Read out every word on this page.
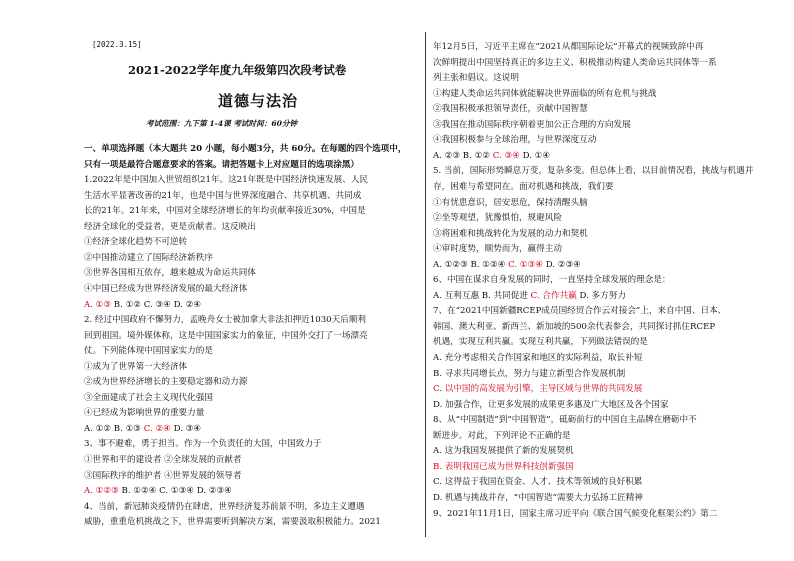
[2022.3.15]
2021-2022学年度九年级第四次段考试卷
道德与法治
考试范围：九下第 1-4课 考试时间：60分钟
一、单项选择题（本大题共 20 小题，每小题3分，共 60分。在每题的四个选项中，
只有一项是最符合题意要求的答案。请把答题卡上对应题目的选项涂黑）
1.2022年是中国加入世贸组织21年。这21年既是中国经济快速发展、人民
生活水平显著改善的21年，也是中国与世界深度融合、共享机遇、共同成
长的21年。21年来，中国对全球经济增长的年均贡献率接近30%，中国是
经济全球化的受益者，更是贡献者。这反映出
①经济全球化趋势不可逆转
②中国推动建立了国际经济新秩序
③世界各国相互依存，越来越成为命运共同体
④中国已经成为世界经济发展的最大经济体
A. ①③ B. ①② C. ③④ D. ②④
2. 经过中国政府不懈努力，孟晚舟女士被加拿大非法扣押近1030天后顺利
回到祖国。境外媒体称，这是中国国家实力的象征，中国外交打了一场漂亮
仗。下列能体现中国国家实力的是
①成为了世界第一大经济体
②成为世界经济增长的主要稳定器和动力源
③全面建成了社会主义现代化强国
④已经成为影响世界的重要力量
A. ①② B. ①③ C. ②④ D. ③④
3、事不避难，勇于担当。作为一个负责任的大国，中国致力于
①世界和平的建设者 ②全球发展的贡献者
③国际秩序的维护者 ④世界发展的领导者
A. ①②③ B. ①②④ C. ①③④ D. ②③④
4、当前，新冠肺炎疫情仍在肆虐，世界经济复苏前景不明，多边主义遭遇
威胁，重重危机挑战之下，世界需要听到解决方案，需要汲取积极能力。2021
年12月5日，习近平主席在“2021从都国际论坛”开幕式的视频致辞中再
次鲜明提出中国坚持真正的多边主义、积极推动构建人类命运共同体等一系
列主张和倡议。这说明
①构建人类命运共同体就能解决世界面临的所有危机与挑战
②我国积极承担领导责任，贡献中国智慧
③我国在推动国际秩序朝着更加公正合理的方向发展
④我国积极参与全球治理，与世界深度互动
A. ②③ B. ①② C. ③④ D. ①④
5. 当前，国际形势瞬息万变，复杂多变。但总体上看，以目前情况看，挑战与机遇并
存，困难与希望同在。面对机遇和挑战，我们要
①有忧患意识，居安思危，保持清醒头脑
②坐等观望，犹豫惧怕，规避风险
③将困难和挑战转化为发展的动力和契机
④审时度势，顺势而为，赢得主动
A. ①②③ B. ①②④ C. ①③④ D. ②③④
6、中国在谋求自身发展的同时，一直坚持全球发展的理念是：
A. 互利互惠 B. 共同促进 C. 合作共赢 D. 多方努力
7、在“2021中国新疆RCEP成员国经贸合作云对接会”上，来自中国、日本、
韩国、澳大利亚、新西兰、新加坡的500余代表参会，共同探讨抓住RCEP
机遇，实现互利共赢。实现互利共赢，下列做法错误的是
A. 充分考虑相关合作国家和地区的实际利益，取长补短
B. 寻求共同增长点，努力与建立新型合作发展机制
C. 以中国的高发展为引擎，主导区域与世界的共同发展
D. 加强合作，让更多发展的成果更多惠及广大地区及各个国家
8、从“中国制造”到“中国智造”，砥砺前行的中国自主品牌在磨砺中不
断进步。对此，下列评论不正确的是
A. 这为我国发展提供了新的发展契机
B. 表明我国已成为世界科技创新强国
C. 这得益于我国在资金、人才、技术等领域的良好积累
D. 机遇与挑战并存，“中国智造”需要大力弘扬工匠精神
9、2021年11月1日，国家主席习近平向《联合国气候变化框架公约》第二
